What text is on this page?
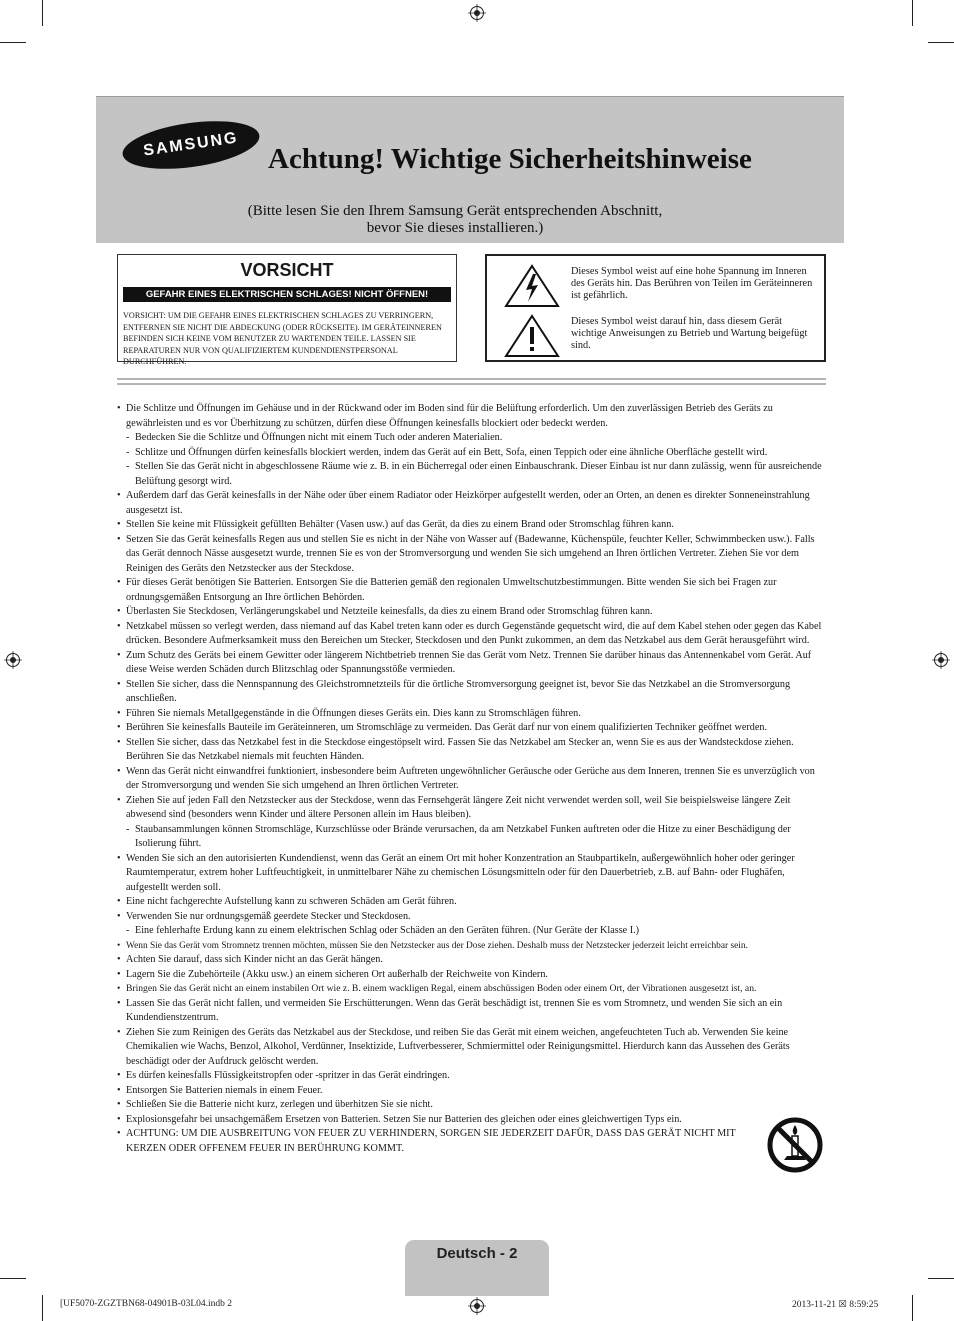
SAMSUNG Achtung! Wichtige Sicherheitshinweise
(Bitte lesen Sie den Ihrem Samsung Gerät entsprechenden Abschnitt,
bevor Sie dieses installieren.)
VORSICHT
GEFAHR EINES ELEKTRISCHEN SCHLAGES! NICHT ÖFFNEN!
VORSICHT: UM DIE GEFAHR EINES ELEKTRISCHEN SCHLAGES ZU VERRINGERN, ENTFERNEN SIE NICHT DIE ABDECKUNG (ODER RÜCKSEITE). IM GERÄTEINNEREN BEFINDEN SICH KEINE VOM BENUTZER ZU WARTENDEN TEILE. LASSEN SIE REPARATUREN NUR VON QUALIFIZIERTEM KUNDENDIENSTPERSONAL DURCHFÜHREN.
Dieses Symbol weist auf eine hohe Spannung im Inneren des Geräts hin. Das Berühren von Teilen im Geräteinneren ist gefährlich.
Dieses Symbol weist darauf hin, dass diesem Gerät wichtige Anweisungen zu Betrieb und Wartung beigefügt sind.
• Die Schlitze und Öffnungen im Gehäuse und in der Rückwand oder im Boden sind für die Belüftung erforderlich. Um den zuverlässigen Betrieb des Geräts zu gewährleisten und es vor Überhitzung zu schützen, dürfen diese Öffnungen keinesfalls blockiert oder bedeckt werden.
- Bedecken Sie die Schlitze und Öffnungen nicht mit einem Tuch oder anderen Materialien.
- Schlitze und Öffnungen dürfen keinesfalls blockiert werden, indem das Gerät auf ein Bett, Sofa, einen Teppich oder eine ähnliche Oberfläche gestellt wird.
- Stellen Sie das Gerät nicht in abgeschlossene Räume wie z. B. in ein Bücherregal oder einen Einbauschrank. Dieser Einbau ist nur dann zulässig, wenn für ausreichende Belüftung gesorgt wird.
• Außerdem darf das Gerät keinesfalls in der Nähe oder über einem Radiator oder Heizkörper aufgestellt werden, oder an Orten, an denen es direkter Sonneneinstrahlung ausgesetzt ist.
• Stellen Sie keine mit Flüssigkeit gefüllten Behälter (Vasen usw.) auf das Gerät, da dies zu einem Brand oder Stromschlag führen kann.
• Setzen Sie das Gerät keinesfalls Regen aus und stellen Sie es nicht in der Nähe von Wasser auf (Badewanne, Küchenspüle, feuchter Keller, Schwimmbecken usw.). Falls das Gerät dennoch Nässe ausgesetzt wurde, trennen Sie es von der Stromversorgung und wenden Sie sich umgehend an Ihren örtlichen Vertreter. Ziehen Sie vor dem Reinigen des Geräts den Netzstecker aus der Steckdose.
• Für dieses Gerät benötigen Sie Batterien. Entsorgen Sie die Batterien gemäß den regionalen Umweltschutzbestimmungen. Bitte wenden Sie sich bei Fragen zur ordnungsgemäßen Entsorgung an Ihre örtlichen Behörden.
• Überlasten Sie Steckdosen, Verlängerungskabel und Netzteile keinesfalls, da dies zu einem Brand oder Stromschlag führen kann.
• Netzkabel müssen so verlegt werden, dass niemand auf das Kabel treten kann oder es durch Gegenstände gequetscht wird, die auf dem Kabel stehen oder gegen das Kabel drücken. Besondere Aufmerksamkeit muss den Bereichen um Stecker, Steckdosen und den Punkt zukommen, an dem das Netzkabel aus dem Gerät herausgeführt wird.
• Zum Schutz des Geräts bei einem Gewitter oder längerem Nichtbetrieb trennen Sie das Gerät vom Netz. Trennen Sie darüber hinaus das Antennenkabel vom Gerät. Auf diese Weise werden Schäden durch Blitzschlag oder Spannungsstöße vermieden.
• Stellen Sie sicher, dass die Nennspannung des Gleichstromnetzteils für die örtliche Stromversorgung geeignet ist, bevor Sie das Netzkabel an die Stromversorgung anschließen.
• Führen Sie niemals Metallgegenstände in die Öffnungen dieses Geräts ein. Dies kann zu Stromschlägen führen.
• Berühren Sie keinesfalls Bauteile im Geräteinneren, um Stromschläge zu vermeiden. Das Gerät darf nur von einem qualifizierten Techniker geöffnet werden.
• Stellen Sie sicher, dass das Netzkabel fest in die Steckdose eingestöpselt wird. Fassen Sie das Netzkabel am Stecker an, wenn Sie es aus der Wandsteckdose ziehen. Berühren Sie das Netzkabel niemals mit feuchten Händen.
• Wenn das Gerät nicht einwandfrei funktioniert, insbesondere beim Auftreten ungewöhnlicher Geräusche oder Gerüche aus dem Inneren, trennen Sie es unverzüglich von der Stromversorgung und wenden Sie sich umgehend an Ihren örtlichen Vertreter.
• Ziehen Sie auf jeden Fall den Netzstecker aus der Steckdose, wenn das Fernsehgerät längere Zeit nicht verwendet werden soll, weil Sie beispielsweise längere Zeit abwesend sind (besonders wenn Kinder und ältere Personen allein im Haus bleiben).
- Staubansammlungen können Stromschläge, Kurzschlüsse oder Brände verursachen, da am Netzkabel Funken auftreten oder die Hitze zu einer Beschädigung der Isolierung führt.
• Wenden Sie sich an den autorisierten Kundendienst, wenn das Gerät an einem Ort mit hoher Konzentration an Staubpartikeln, außergewöhnlich hoher oder geringer Raumtemperatur, extrem hoher Luftfeuchtigkeit, in unmittelbarer Nähe zu chemischen Lösungsmitteln oder für den Dauerbetrieb, z.B. auf Bahn- oder Flughäfen, aufgestellt werden soll.
• Eine nicht fachgerechte Aufstellung kann zu schweren Schäden am Gerät führen.
• Verwenden Sie nur ordnungsgemäß geerdete Stecker und Steckdosen.
- Eine fehlerhafte Erdung kann zu einem elektrischen Schlag oder Schäden an den Geräten führen. (Nur Geräte der Klasse I.)
• Wenn Sie das Gerät vom Stromnetz trennen möchten, müssen Sie den Netzstecker aus der Dose ziehen. Deshalb muss der Netzstecker jederzeit leicht erreichbar sein.
• Achten Sie darauf, dass sich Kinder nicht an das Gerät hängen.
• Lagern Sie die Zubehörteile (Akku usw.) an einem sicheren Ort außerhalb der Reichweite von Kindern.
• Bringen Sie das Gerät nicht an einem instabilen Ort wie z. B. einem wackligen Regal, einem abschüssigen Boden oder einem Ort, der Vibrationen ausgesetzt ist, an.
• Lassen Sie das Gerät nicht fallen, und vermeiden Sie Erschütterungen. Wenn das Gerät beschädigt ist, trennen Sie es vom Stromnetz, und wenden Sie sich an ein Kundendienstzentrum.
• Ziehen Sie zum Reinigen des Geräts das Netzkabel aus der Steckdose, und reiben Sie das Gerät mit einem weichen, angefeuchteten Tuch ab. Verwenden Sie keine Chemikalien wie Wachs, Benzol, Alkohol, Verdünner, Insektizide, Luftverbesserer, Schmiermittel oder Reinigungsmittel. Hierdurch kann das Aussehen des Geräts beschädigt oder der Aufdruck gelöscht werden.
• Es dürfen keinesfalls Flüssigkeitstropfen oder -spritzer in das Gerät eindringen.
• Entsorgen Sie Batterien niemals in einem Feuer.
• Schließen Sie die Batterie nicht kurz, zerlegen und überhitzen Sie sie nicht.
• Explosionsgefahr bei unsachgemäßem Ersetzen von Batterien. Setzen Sie nur Batterien des gleichen oder eines gleichwertigen Typs ein.
• ACHTUNG: UM DIE AUSBREITUNG VON FEUER ZU VERHINDERN, SORGEN SIE JEDERZEIT DAFÜR, DASS DAS GERÄT NICHT MIT KERZEN ODER OFFENEM FEUER IN BERÜHRUNG KOMMT.
Deutsch - 2
[UF5070-ZGZTBN68-04901B-03L04.indb 2	2013-11-21 ☒ 8:59:25
